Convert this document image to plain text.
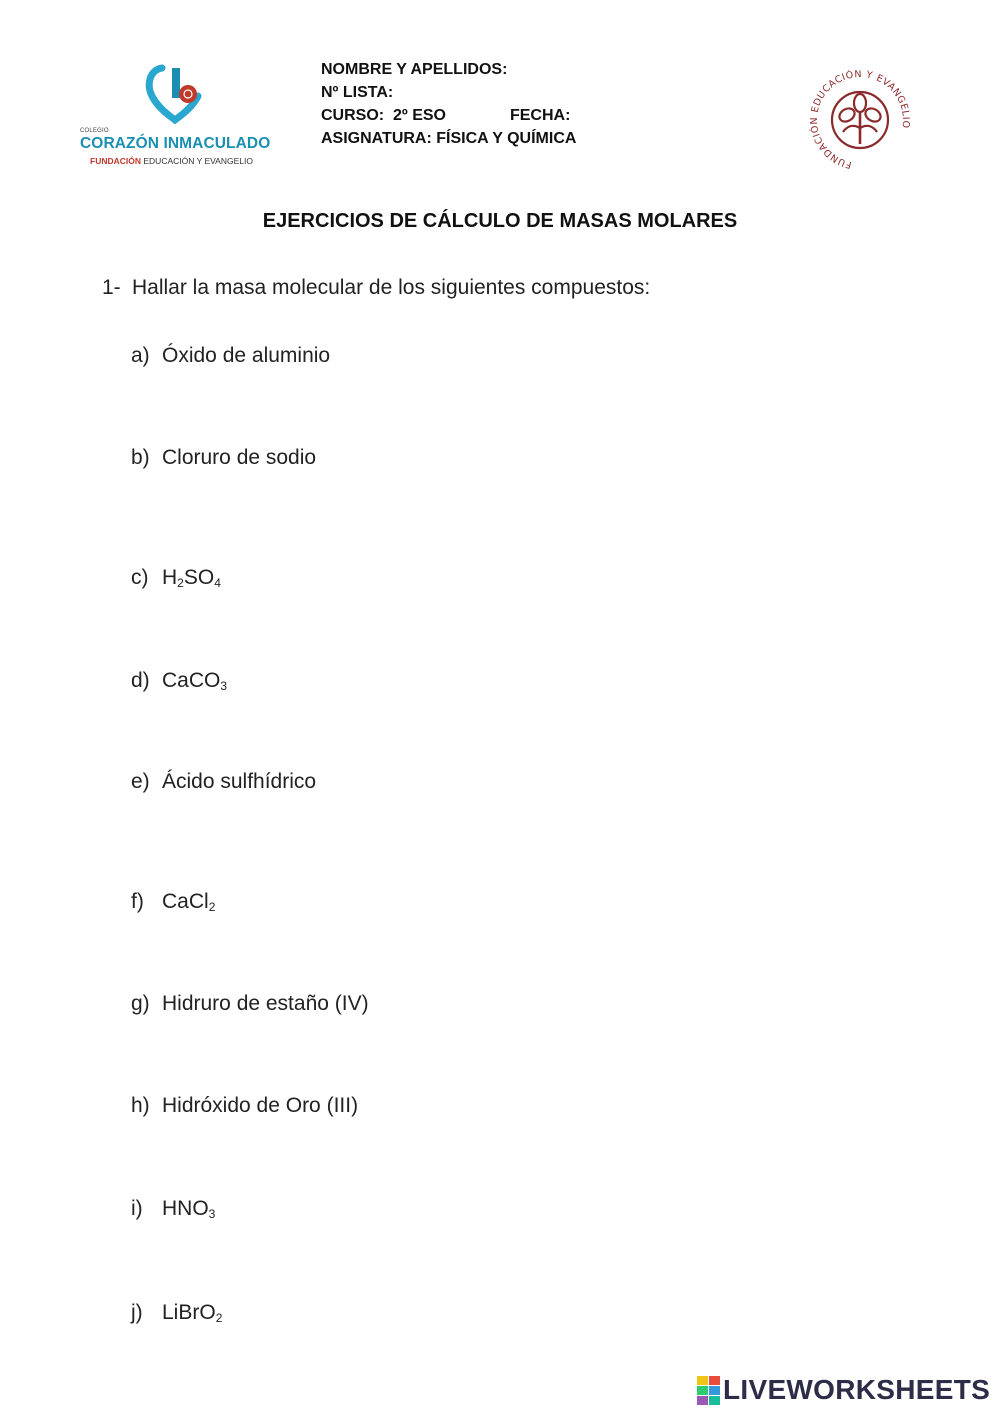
COLEGIO
CORAZÓN INMACULADO
FUNDACIÓN EDUCACIÓN Y EVANGELIO
NOMBRE Y APELLIDOS:
Nº LISTA:
CURSO: 2º ESO	FECHA:
ASIGNATURA: FÍSICA Y QUÍMICA
FUNDACIÓN EDUCACIÓN Y EVANGELIO
EJERCICIOS DE CÁLCULO DE MASAS MOLARES
1- Hallar la masa molecular de los siguientes compuestos:
a) Óxido de aluminio
b) Cloruro de sodio
c) $H_2SO_4$
d) CaCO$_3$
e) Ácido sulfhídrico
f) CaCl$_2$
g) Hidruro de estaño (IV)
h) Hidróxido de Oro (III)
i) $HNO_3$
j) LiBrO$_2$
LIVEWORKSHEETS
